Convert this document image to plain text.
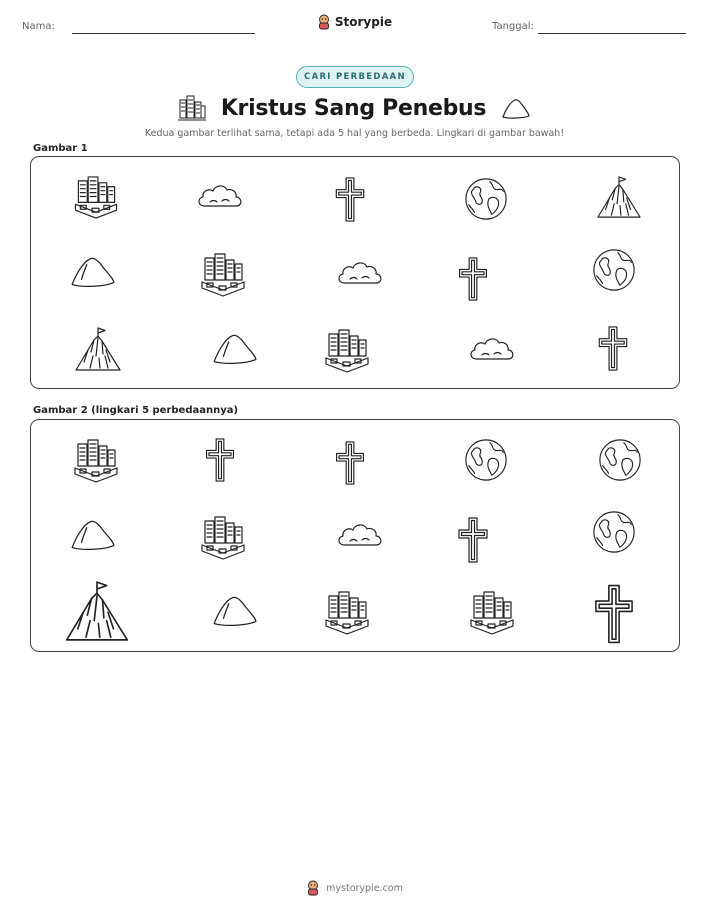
Nama:	Storypie	Tanggal:
CARI PERBEDAAN
Kristus Sang Penebus
Kedua gambar terlihat sama, tetapi ada 5 hal yang berbeda. Lingkari di gambar bawah!
Gambar 1
Gambar 2 (lingkari 5 perbedaannya)
mystorypie.com
